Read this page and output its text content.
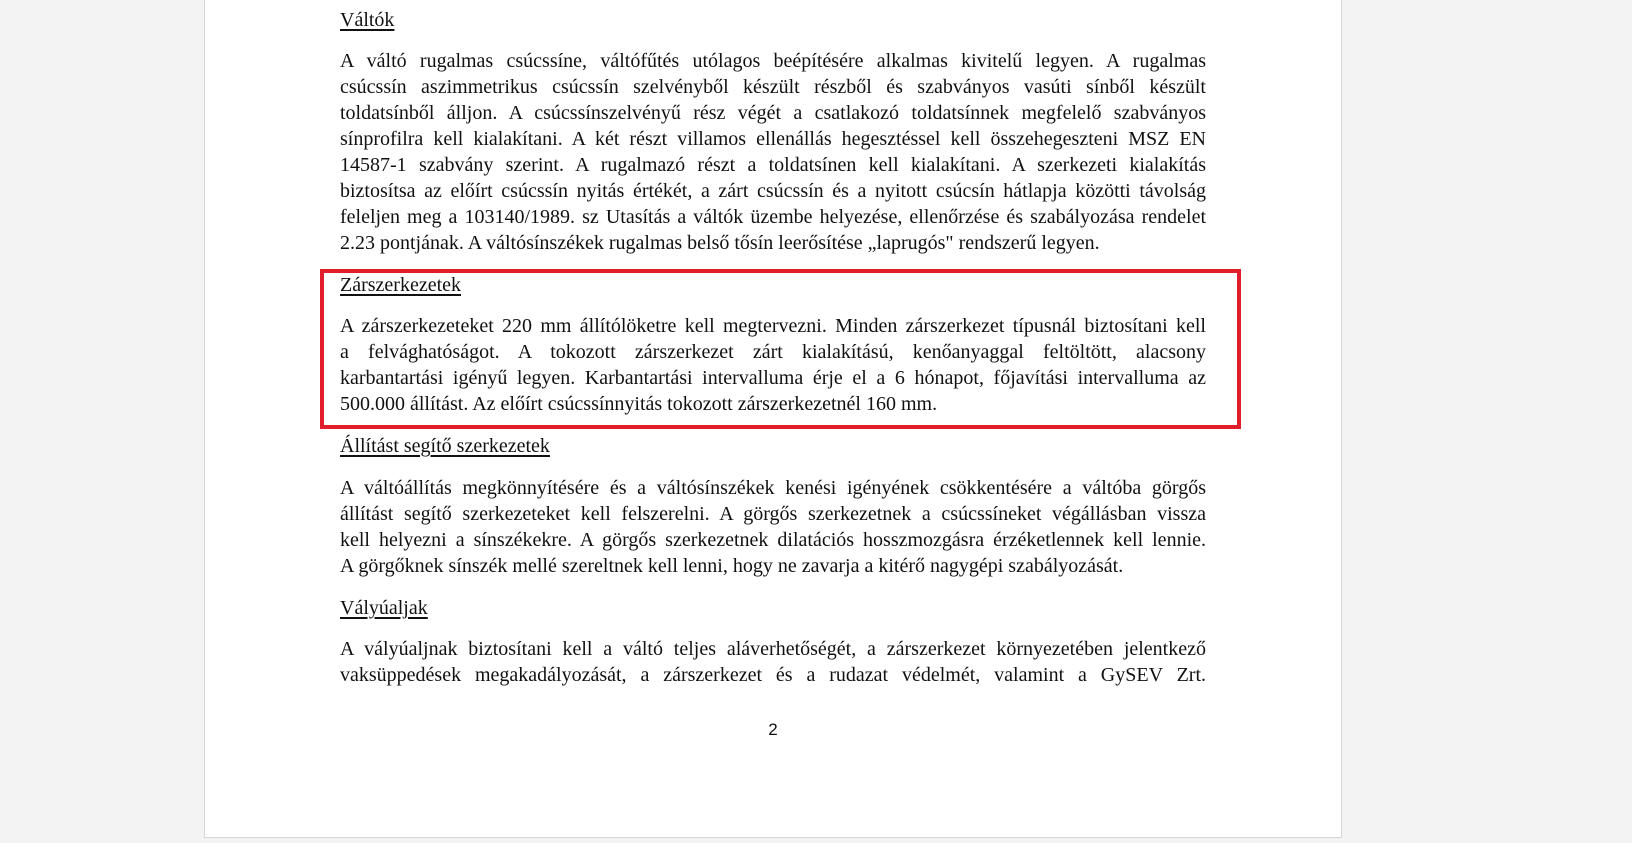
Váltók
A váltó rugalmas csúcssíne, váltófűtés utólagos beépítésére alkalmas kivitelű legyen. A rugalmas
csúcssín aszimmetrikus csúcssín szelvényből készült részből és szabványos vasúti sínből készült
toldatsínből álljon. A csúcssínszelvényű rész végét a csatlakozó toldatsínnek megfelelő szabványos
sínprofilra kell kialakítani. A két részt villamos ellenállás hegesztéssel kell összehegeszteni MSZ EN
14587-1 szabvány szerint. A rugalmazó részt a toldatsínen kell kialakítani. A szerkezeti kialakítás
biztosítsa az előírt csúcssín nyitás értékét, a zárt csúcssín és a nyitott csúcsín hátlapja közötti távolság
feleljen meg a 103140/1989. sz Utasítás a váltók üzembe helyezése, ellenőrzése és szabályozása rendelet
2.23 pontjának. A váltósínszékek rugalmas belső tősín leerősítése „laprugós" rendszerű legyen.
Zárszerkezetek
A zárszerkezeteket 220 mm állítólöketre kell megtervezni. Minden zárszerkezet típusnál biztosítani kell
a felvághatóságot. A tokozott zárszerkezet zárt kialakítású, kenőanyaggal feltöltött, alacsony
karbantartási igényű legyen. Karbantartási intervalluma érje el a 6 hónapot, főjavítási intervalluma az
500.000 állítást. Az előírt csúcssínnyitás tokozott zárszerkezetnél 160 mm.
Állítást segítő szerkezetek
A váltóállítás megkönnyítésére és a váltósínszékek kenési igényének csökkentésére a váltóba görgős
állítást segítő szerkezeteket kell felszerelni. A görgős szerkezetnek a csúcssíneket végállásban vissza
kell helyezni a sínszékekre. A görgős szerkezetnek dilatációs hosszmozgásra érzéketlennek kell lennie.
A görgőknek sínszék mellé szereltnek kell lenni, hogy ne zavarja a kitérő nagygépi szabályozását.
Vályúaljak
A vályúaljnak biztosítani kell a váltó teljes aláverhetőségét, a zárszerkezet környezetében jelentkező
vaksüppedések megakadályozását, a zárszerkezet és a rudazat védelmét, valamint a GySEV Zrt.
2
